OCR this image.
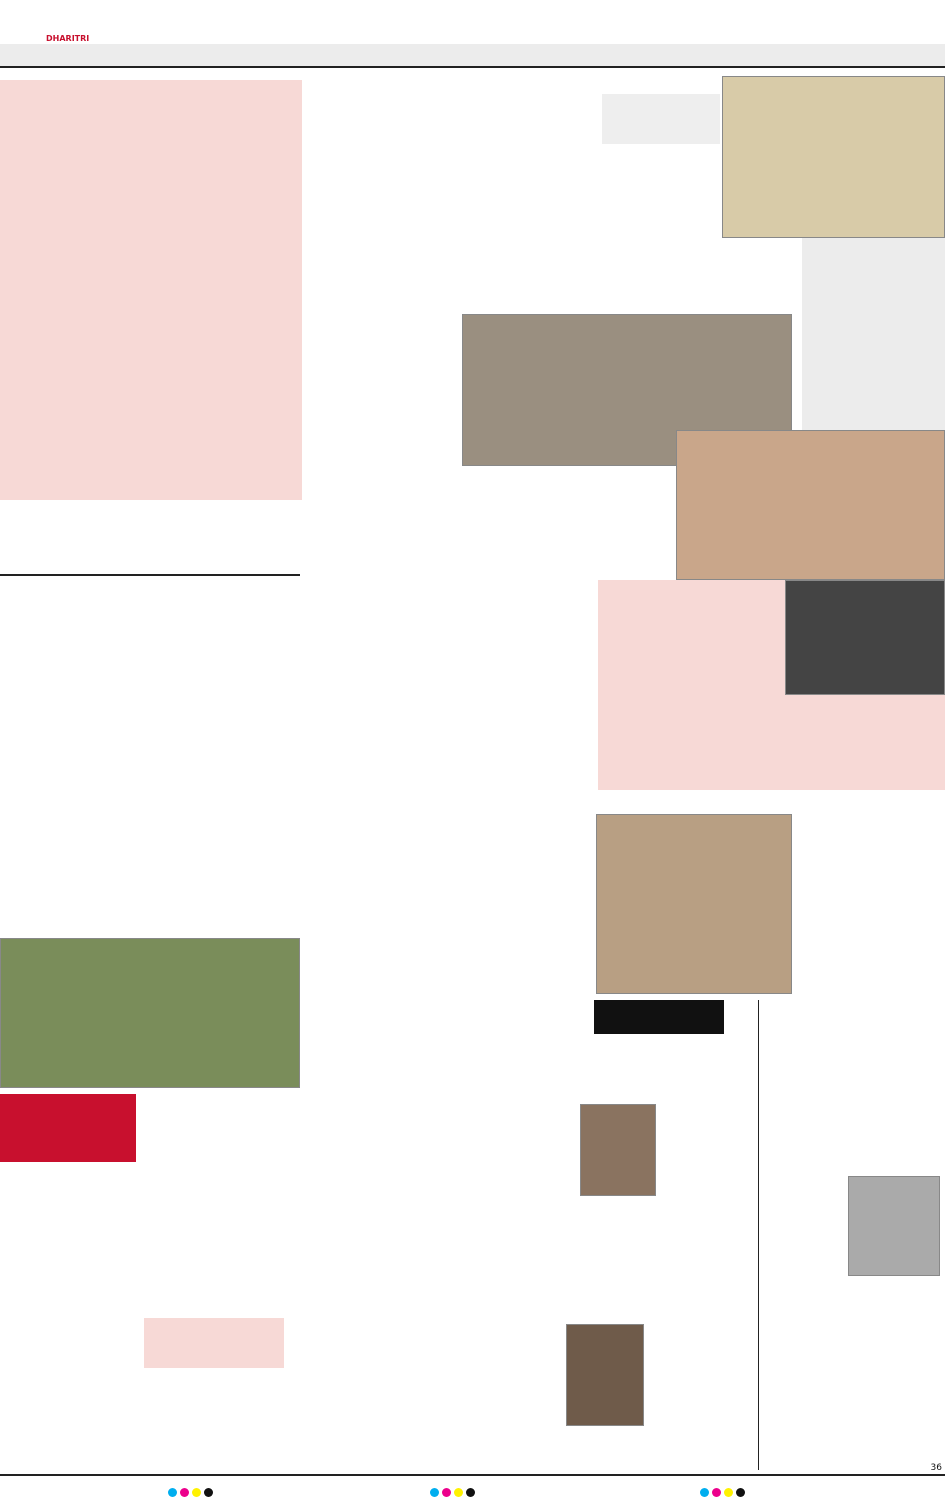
DHARITRI
36
